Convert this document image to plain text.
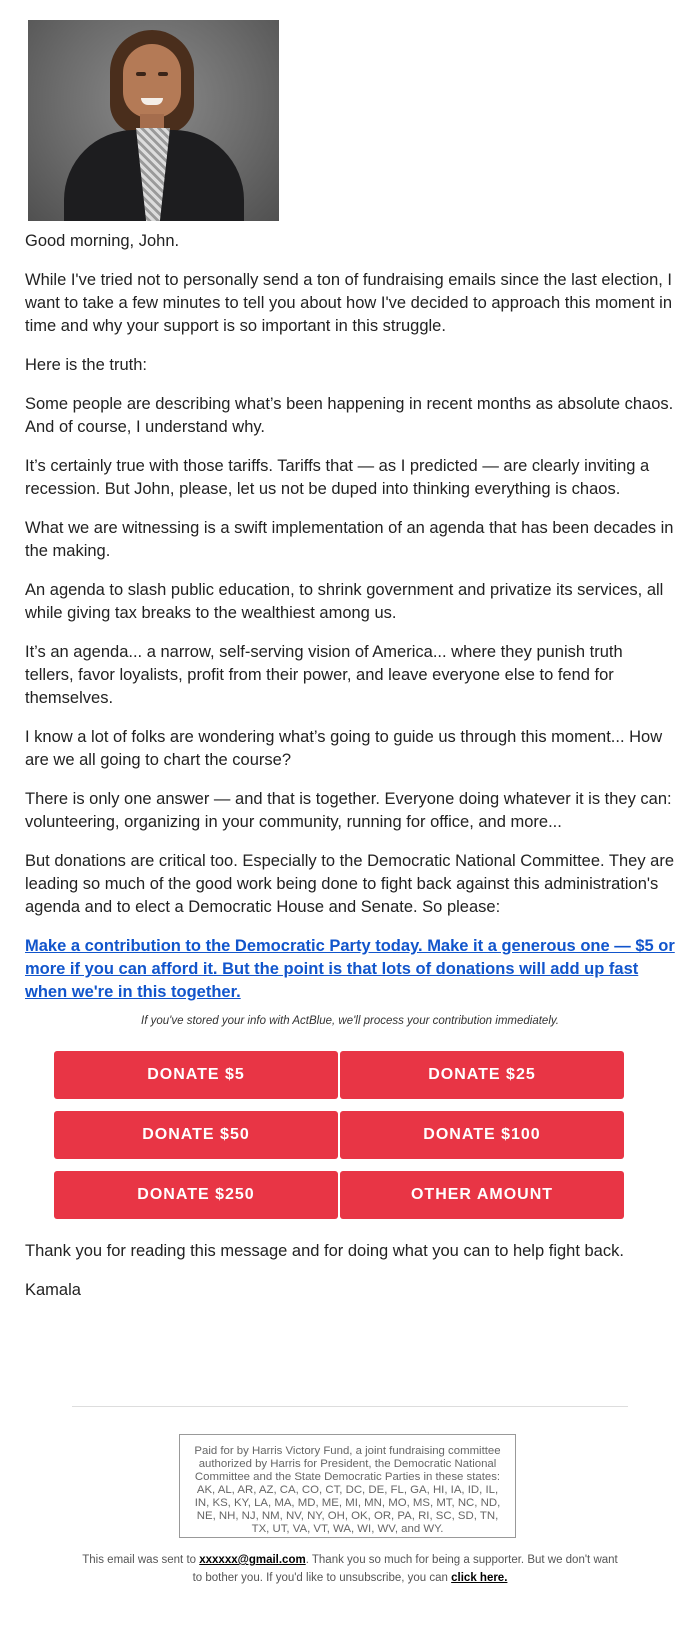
Good morning, John.

While I've tried not to personally send a ton of fundraising emails since the last election, I want to take a few minutes to tell you about how I've decided to approach this moment in time and why your support is so important in this struggle.

Here is the truth:

Some people are describing what’s been happening in recent months as absolute chaos. And of course, I understand why.

It’s certainly true with those tariffs. Tariffs that — as I predicted — are clearly inviting a recession. But John, please, let us not be duped into thinking everything is chaos.

What we are witnessing is a swift implementation of an agenda that has been decades in the making.

An agenda to slash public education, to shrink government and privatize its services, all while giving tax breaks to the wealthiest among us.

It’s an agenda... a narrow, self-serving vision of America... where they punish truth tellers, favor loyalists, profit from their power, and leave everyone else to fend for themselves.

I know a lot of folks are wondering what’s going to guide us through this moment... How are we all going to chart the course?

There is only one answer — and that is together. Everyone doing whatever it is they can: volunteering, organizing in your community, running for office, and more...

But donations are critical too. Especially to the Democratic National Committee. They are leading so much of the good work being done to fight back against this administration's agenda and to elect a Democratic House and Senate. So please:

Make a contribution to the Democratic Party today. Make it a generous one — $5 or more if you can afford it. But the point is that lots of donations will add up fast when we're in this together.
If you've stored your info with ActBlue, we'll process your contribution immediately.
DONATE $5	DONATE $25
DONATE $50	DONATE $100
DONATE $250	OTHER AMOUNT
Thank you for reading this message and for doing what you can to help fight back.
Kamala
Paid for by Harris Victory Fund, a joint fundraising committee authorized by Harris for President, the Democratic National Committee and the State Democratic Parties in these states: AK, AL, AR, AZ, CA, CO, CT, DC, DE, FL, GA, HI, IA, ID, IL, IN, KS, KY, LA, MA, MD, ME, MI, MN, MO, MS, MT, NC, ND, NE, NH, NJ, NM, NV, NY, OH, OK, OR, PA, RI, SC, SD, TN, TX, UT, VA, VT, WA, WI, WV, and WY.
This email was sent to xxxxxx@gmail.com. Thank you so much for being a supporter. But we don't want to bother you. If you'd like to unsubscribe, you can click here.
